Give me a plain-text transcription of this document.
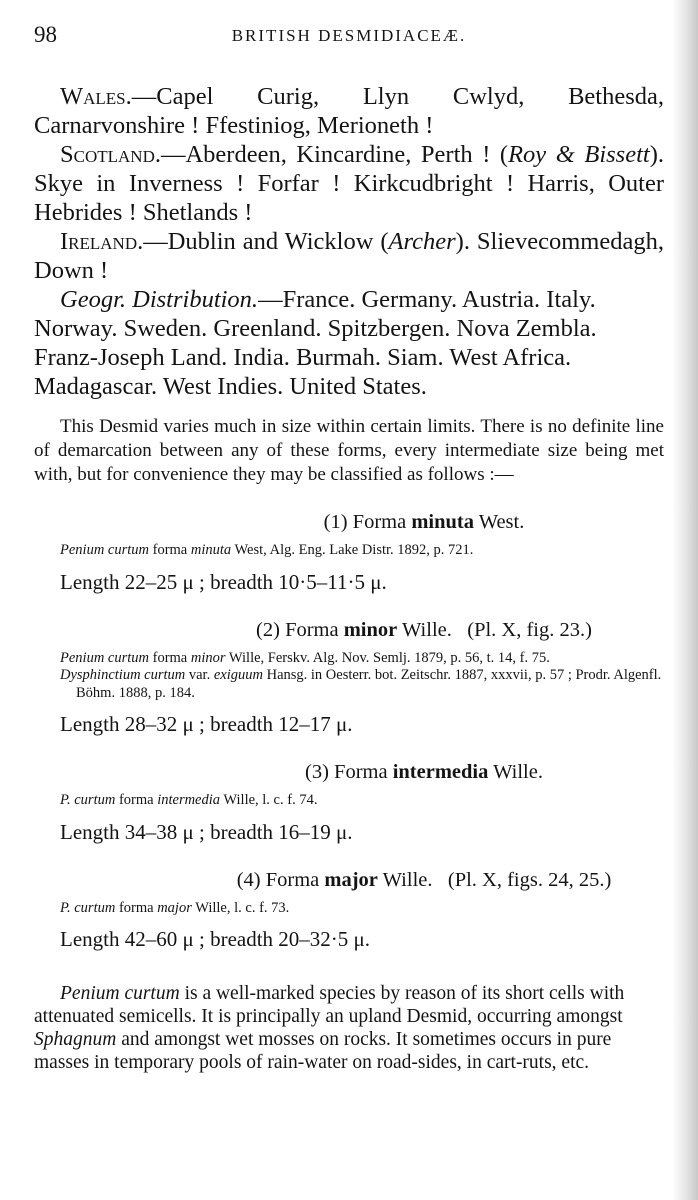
98	BRITISH DESMIDIACEÆ.

Wales.—Capel Curig, Llyn Cwlyd, Bethesda, Carnarvonshire ! Ffestiniog, Merioneth !

Scotland.—Aberdeen, Kincardine, Perth ! (Roy & Bissett). Skye in Inverness ! Forfar ! Kirkcudbright ! Harris, Outer Hebrides ! Shetlands !

Ireland.—Dublin and Wicklow (Archer). Slievecommedagh, Down !

Geogr. Distribution.—France. Germany. Austria. Italy. Norway. Sweden. Greenland. Spitzbergen. Nova Zembla. Franz-Joseph Land. India. Burmah. Siam. West Africa. Madagascar. West Indies. United States.

This Desmid varies much in size within certain limits. There is no definite line of demarcation between any of these forms, every intermediate size being met with, but for convenience they may be classified as follows :—

(1) Forma minuta West.
Penium curtum forma minuta West, Alg. Eng. Lake Distr. 1892, p. 721.
Length 22–25 μ ; breadth 10·5–11·5 μ.
(2) Forma minor Wille. (Pl. X, fig. 23.)
Penium curtum forma minor Wille, Ferskv. Alg. Nov. Semlj. 1879, p. 56, t. 14, f. 75.
Dysphinctium curtum var. exiguum Hansg. in Oesterr. bot. Zeitschr. 1887, xxxvii, p. 57 ; Prodr. Algenfl. Böhm. 1888, p. 184.
Length 28–32 μ ; breadth 12–17 μ.
(3) Forma intermedia Wille.
P. curtum forma intermedia Wille, l. c. f. 74.
Length 34–38 μ ; breadth 16–19 μ.
(4) Forma major Wille. (Pl. X, figs. 24, 25.)
P. curtum forma major Wille, l. c. f. 73.
Length 42–60 μ ; breadth 20–32·5 μ.

Penium curtum is a well-marked species by reason of its short cells with attenuated semicells. It is principally an upland Desmid, occurring amongst Sphagnum and amongst wet mosses on rocks. It sometimes occurs in pure masses in temporary pools of rain-water on road-sides, in cart-ruts, etc.
